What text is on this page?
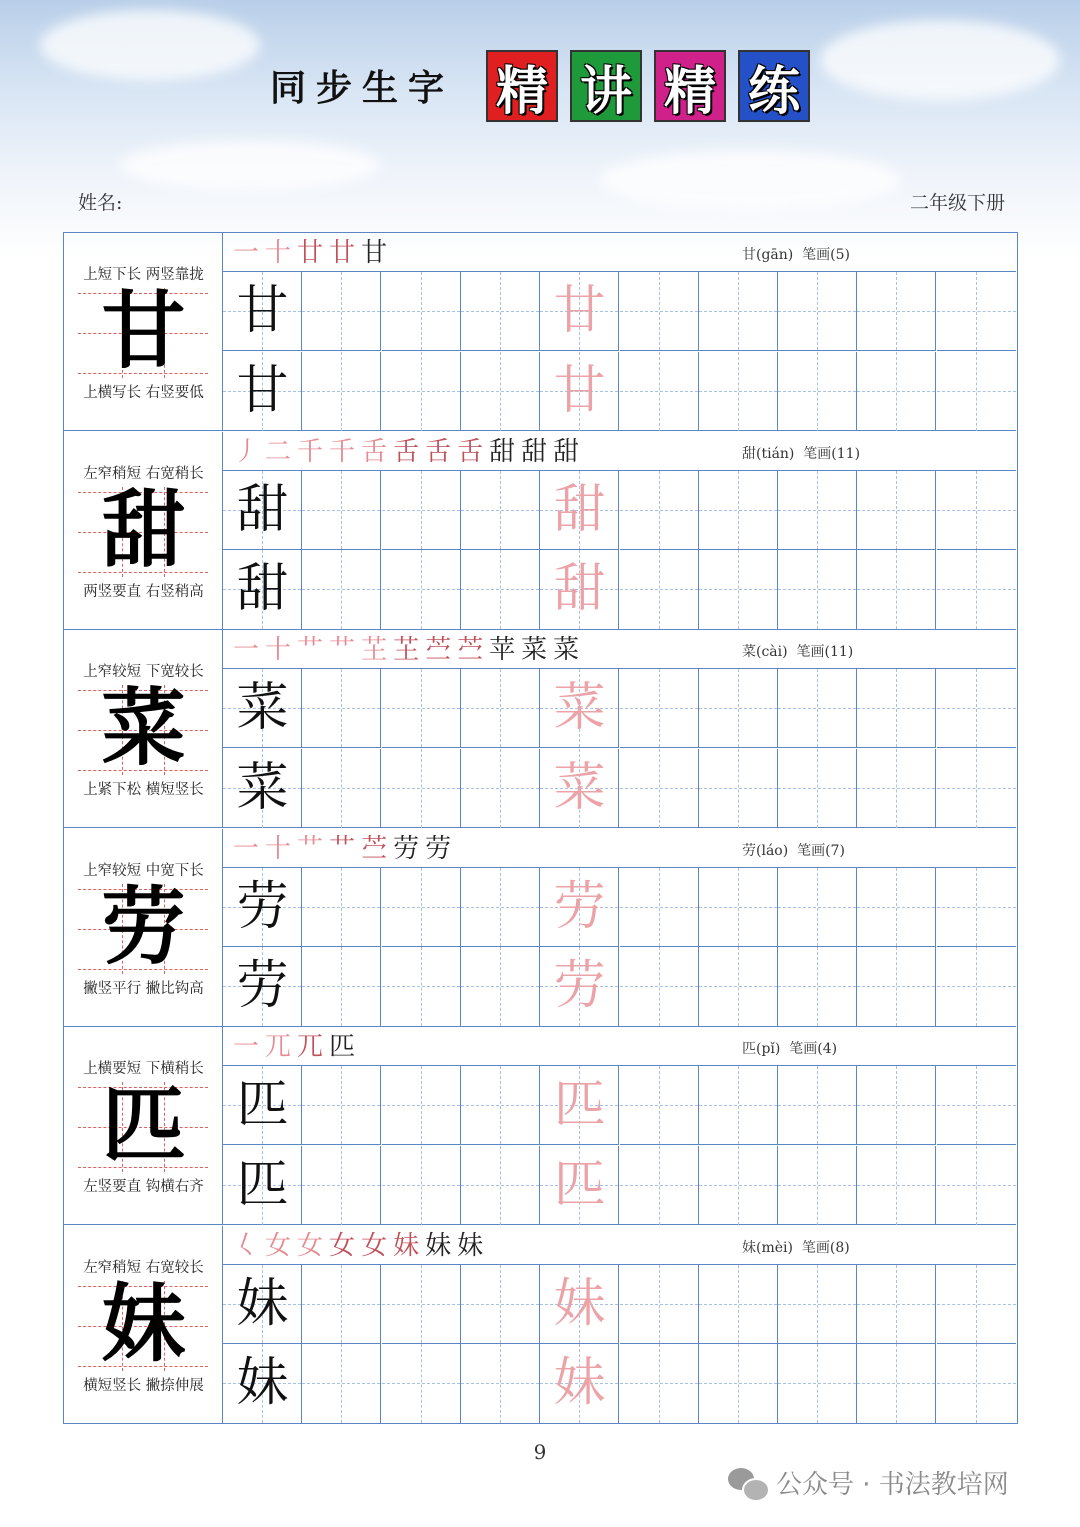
同步生字 精 讲 精 练
姓名:	二年级下册
上短下长 两竖靠拢
甘
上横写长 右竖要低
一 十 廿 廿 甘	甘(gān)  笔画(5)
甘	甘
甘	甘
左窄稍短 右宽稍长
甜
两竖要直 右竖稍高
丿 二 千 千 舌 舌 舌 舌 甜 甜 甜	甜(tián)  笔画(11)
甜	甜
甜	甜
上窄较短 下宽较长
菜
上紧下松 横短竖长
一 十 艹 艹 芏 芏 苎 苎 苹 菜 菜	菜(cài)  笔画(11)
菜	菜
菜	菜
上窄较短 中宽下长
劳
撇竖平行 撇比钩高
一 十 艹 艹 苎 劳 劳	劳(láo)  笔画(7)
劳	劳
劳	劳
上横要短 下横稍长
匹
左竖要直 钩横右齐
一 兀 兀 匹	匹(pǐ)  笔画(4)
匹	匹
匹	匹
左窄稍短 右宽较长
妹
横短竖长 撇捺伸展
𡿨 女 女 女 女 妹 妹 妹	妹(mèi)  笔画(8)
妹	妹
妹	妹
9
公众号 · 书法教培网
